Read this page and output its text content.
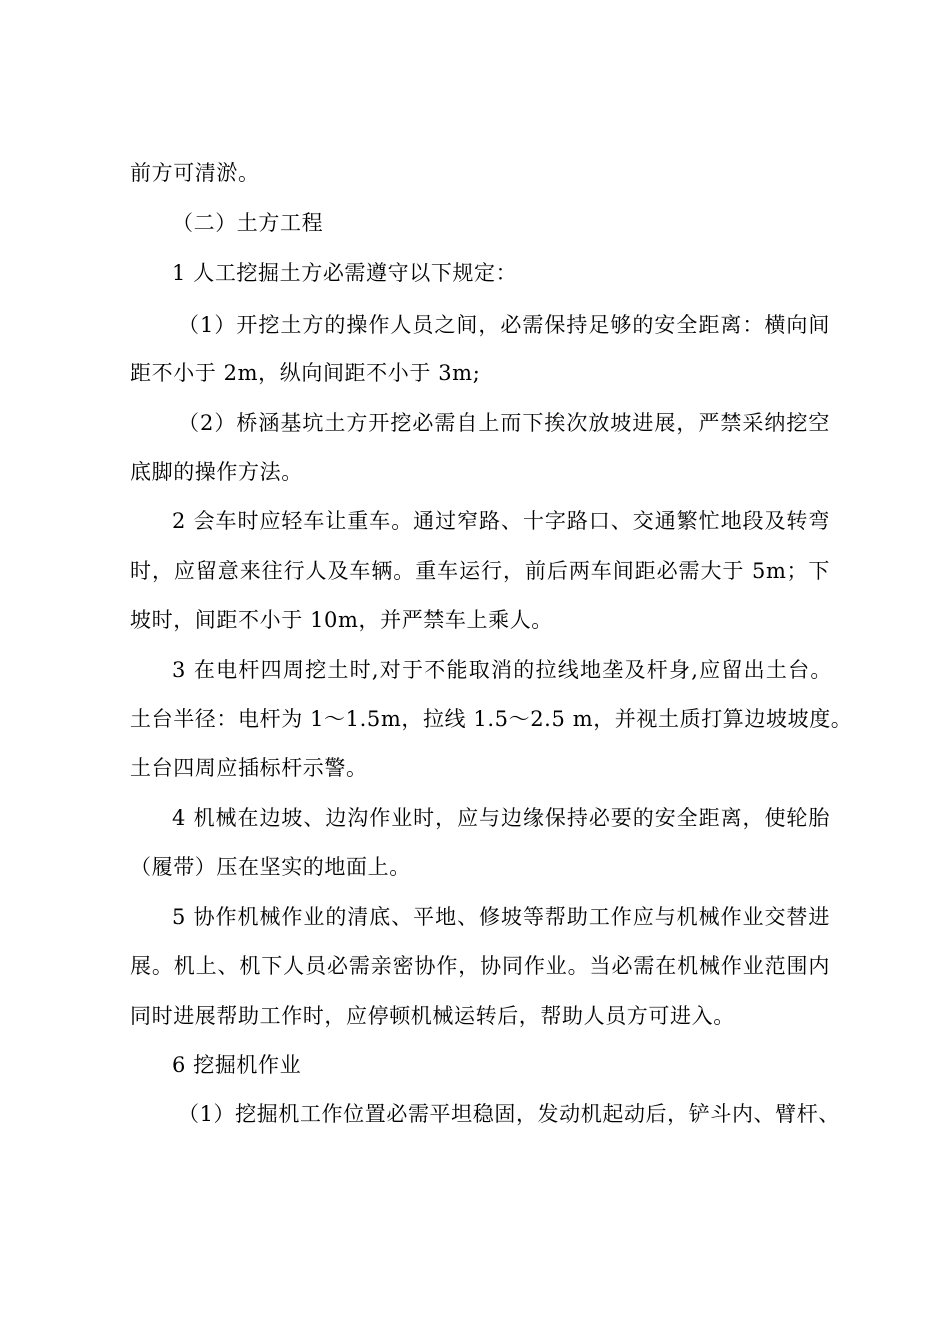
前方可清淤。
（二）土方工程
1 人工挖掘土方必需遵守以下规定：
（1）开挖土方的操作人员之间，必需保持足够的安全距离：横向间
距不小于 2m，纵向间距不小于 3m;
（2）桥涵基坑土方开挖必需自上而下挨次放坡进展，严禁采纳挖空
底脚的操作方法。
2 会车时应轻车让重车。通过窄路、十字路口、交通繁忙地段及转弯
时，应留意来往行人及车辆。重车运行，前后两车间距必需大于 5m；下
坡时，间距不小于 10m，并严禁车上乘人。
3 在电杆四周挖土时,对于不能取消的拉线地垄及杆身,应留出土台。
土台半径：电杆为 1～1.5m，拉线 1.5～2.5 m，并视土质打算边坡坡度。
土台四周应插标杆示警。
4 机械在边坡、边沟作业时，应与边缘保持必要的安全距离，使轮胎
（履带）压在坚实的地面上。
5 协作机械作业的清底、平地、修坡等帮助工作应与机械作业交替进
展。机上、机下人员必需亲密协作，协同作业。当必需在机械作业范围内
同时进展帮助工作时，应停顿机械运转后，帮助人员方可进入。
6 挖掘机作业
（1）挖掘机工作位置必需平坦稳固，发动机起动后，铲斗内、臂杆、
